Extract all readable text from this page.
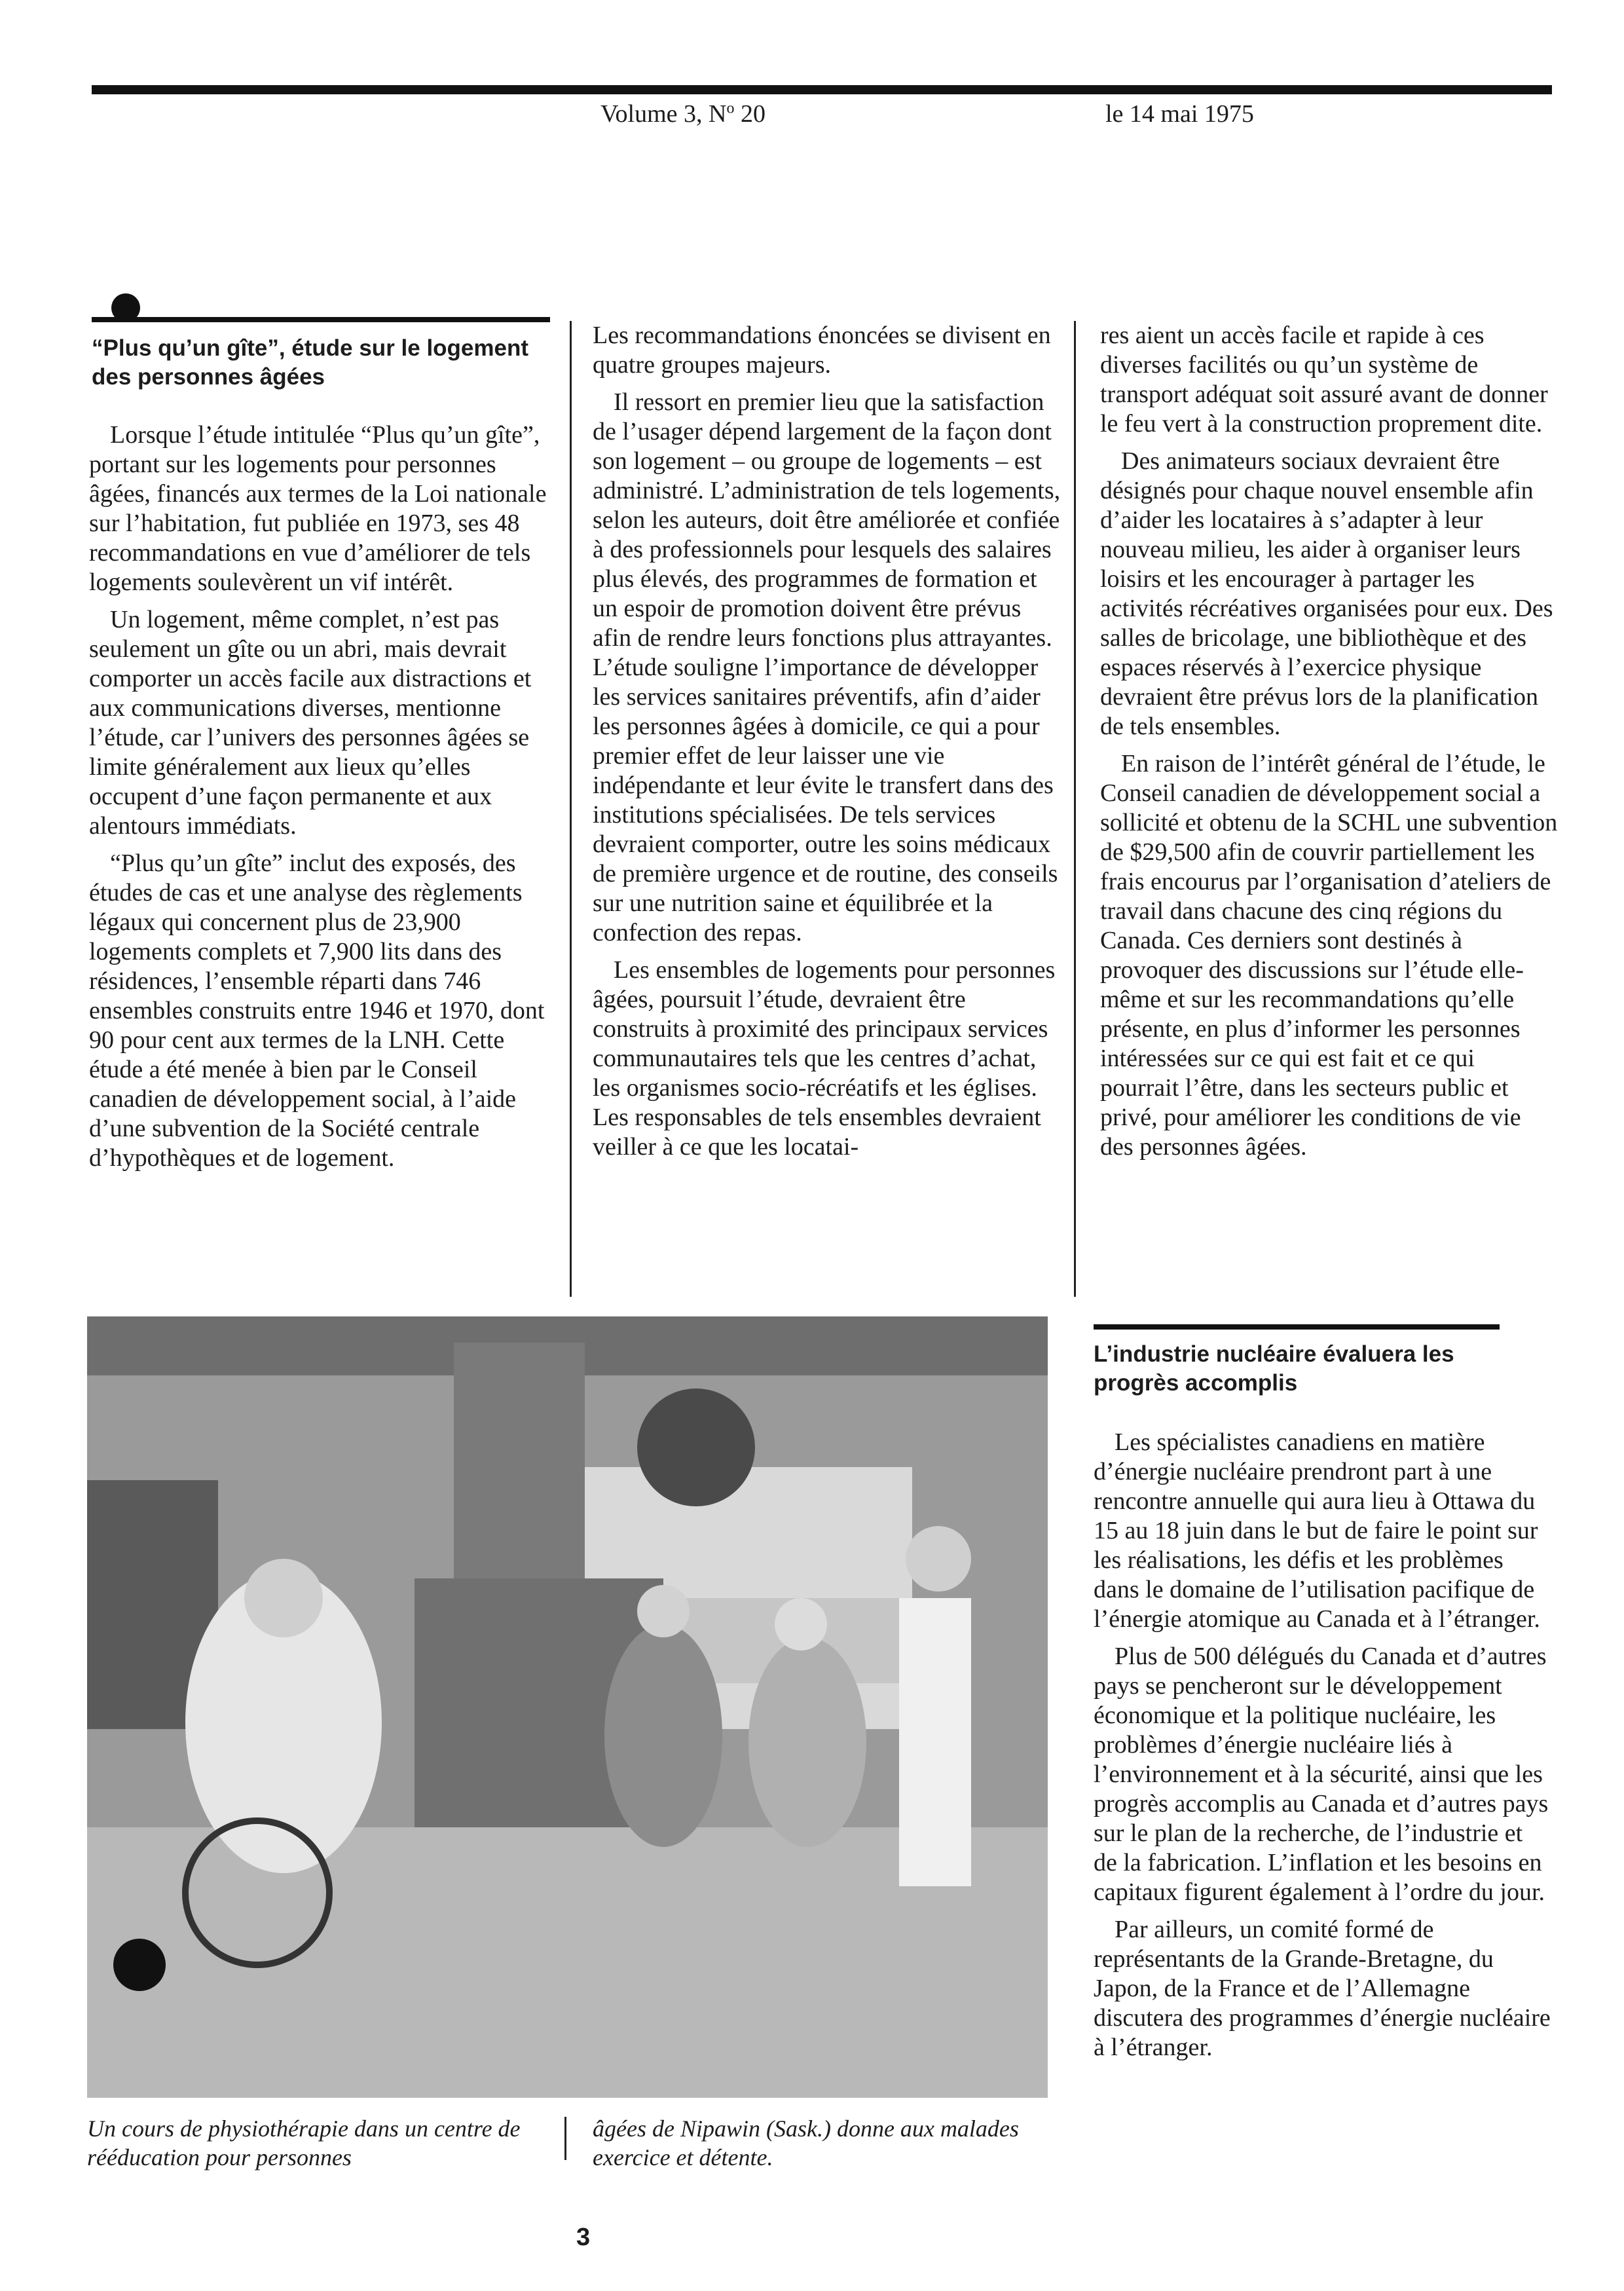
Volume 3, $N^o$ 20	le 14 mai 1975
“Plus qu’un gîte”, étude sur le logement des personnes âgées

Lorsque l’étude intitulée “Plus qu’un gîte”, portant sur les logements pour personnes âgées, financés aux termes de la Loi nationale sur l’habitation, fut publiée en 1973, ses 48 recommandations en vue d’améliorer de tels logements soulevèrent un vif intérêt.

Un logement, même complet, n’est pas seulement un gîte ou un abri, mais devrait comporter un accès facile aux distractions et aux communications diverses, mentionne l’étude, car l’univers des personnes âgées se limite généralement aux lieux qu’elles occupent d’une façon permanente et aux alentours immédiats.

“Plus qu’un gîte” inclut des exposés, des études de cas et une analyse des règlements légaux qui concernent plus de 23,900 logements complets et 7,900 lits dans des résidences, l’ensemble réparti dans 746 ensembles construits entre 1946 et 1970, dont 90 pour cent aux termes de la LNH. Cette étude a été menée à bien par le Conseil canadien de développement social, à l’aide d’une subvention de la Société centrale d’hypothèques et de logement.

Les recommandations énoncées se divisent en quatre groupes majeurs.

Il ressort en premier lieu que la satisfaction de l’usager dépend largement de la façon dont son logement – ou groupe de logements – est administré. L’administration de tels logements, selon les auteurs, doit être améliorée et confiée à des professionnels pour lesquels des salaires plus élevés, des programmes de formation et un espoir de promotion doivent être prévus afin de rendre leurs fonctions plus attrayantes. L’étude souligne l’importance de développer les services sanitaires préventifs, afin d’aider les personnes âgées à domicile, ce qui a pour premier effet de leur laisser une vie indépendante et leur évite le transfert dans des institutions spécialisées. De tels services devraient comporter, outre les soins médicaux de première urgence et de routine, des conseils sur une nutrition saine et équilibrée et la confection des repas.

Les ensembles de logements pour personnes âgées, poursuit l’étude, devraient être construits à proximité des principaux services communautaires tels que les centres d’achat, les organismes socio-récréatifs et les églises. Les responsables de tels ensembles devraient veiller à ce que les locatai-

res aient un accès facile et rapide à ces diverses facilités ou qu’un système de transport adéquat soit assuré avant de donner le feu vert à la construction proprement dite.

Des animateurs sociaux devraient être désignés pour chaque nouvel ensemble afin d’aider les locataires à s’adapter à leur nouveau milieu, les aider à organiser leurs loisirs et les encourager à partager les activités récréatives organisées pour eux. Des salles de bricolage, une bibliothèque et des espaces réservés à l’exercice physique devraient être prévus lors de la planification de tels ensembles.

En raison de l’intérêt général de l’étude, le Conseil canadien de développement social a sollicité et obtenu de la SCHL une subvention de $29,500 afin de couvrir partiellement les frais encourus par l’organisation d’ateliers de travail dans chacune des cinq régions du Canada. Ces derniers sont destinés à provoquer des discussions sur l’étude elle-même et sur les recommandations qu’elle présente, en plus d’informer les personnes intéressées sur ce qui est fait et ce qui pourrait l’être, dans les secteurs public et privé, pour améliorer les conditions de vie des personnes âgées.

Un cours de physiothérapie dans un centre de rééducation pour personnes
âgées de Nipawin (Sask.) donne aux malades exercice et détente.
L’industrie nucléaire évaluera les progrès accomplis

Les spécialistes canadiens en matière d’énergie nucléaire prendront part à une rencontre annuelle qui aura lieu à Ottawa du 15 au 18 juin dans le but de faire le point sur les réalisations, les défis et les problèmes dans le domaine de l’utilisation pacifique de l’énergie atomique au Canada et à l’étranger.

Plus de 500 délégués du Canada et d’autres pays se pencheront sur le développement économique et la politique nucléaire, les problèmes d’énergie nucléaire liés à l’environnement et à la sécurité, ainsi que les progrès accomplis au Canada et d’autres pays sur le plan de la recherche, de l’industrie et de la fabrication. L’inflation et les besoins en capitaux figurent également à l’ordre du jour.

Par ailleurs, un comité formé de représentants de la Grande-Bretagne, du Japon, de la France et de l’Allemagne discutera des programmes d’énergie nucléaire à l’étranger.

3
